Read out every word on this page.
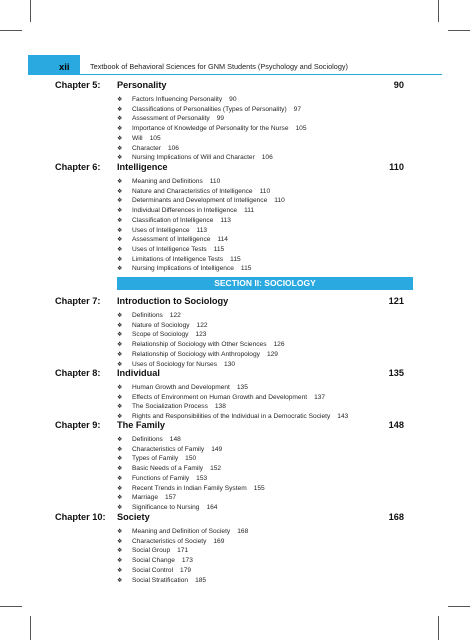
xii	Textbook of Behavioral Sciences for GNM Students (Psychology and Sociology)
SECTION II: SOCIOLOGY
Chapter 5: Personality	90
❖ Factors Influencing Personality 90
❖ Classifications of Personalities (Types of Personality) 97
❖ Assessment of Personality 99
❖ Importance of Knowledge of Personality for the Nurse 105
❖ Will 105
❖ Character 106
❖ Nursing Implications of Will and Character 106
Chapter 6: Intelligence	110
❖ Meaning and Definitions 110
❖ Nature and Characteristics of Intelligence 110
❖ Determinants and Development of Intelligence 110
❖ Individual Differences in Intelligence 111
❖ Classification of Intelligence 113
❖ Uses of Intelligence 113
❖ Assessment of Intelligence 114
❖ Uses of Intelligence Tests 115
❖ Limitations of Intelligence Tests 115
❖ Nursing Implications of Intelligence 115
Chapter 7: Introduction to Sociology	121
❖ Definitions 122
❖ Nature of Sociology 122
❖ Scope of Sociology 123
❖ Relationship of Sociology with Other Sciences 126
❖ Relationship of Sociology with Anthropology 129
❖ Uses of Sociology for Nurses 130
Chapter 8: Individual	135
❖ Human Growth and Development 135
❖ Effects of Environment on Human Growth and Development 137
❖ The Socialization Process 138
❖ Rights and Responsibilities of the Individual in a Democratic Society 143
Chapter 9: The Family	148
❖ Definitions 148
❖ Characteristics of Family 149
❖ Types of Family 150
❖ Basic Needs of a Family 152
❖ Functions of Family 153
❖ Recent Trends in Indian Family System 155
❖ Marriage 157
❖ Significance to Nursing 164
Chapter 10: Society	168
❖ Meaning and Definition of Society 168
❖ Characteristics of Society 169
❖ Social Group 171
❖ Social Change 173
❖ Social Control 179
❖ Social Stratification 185
